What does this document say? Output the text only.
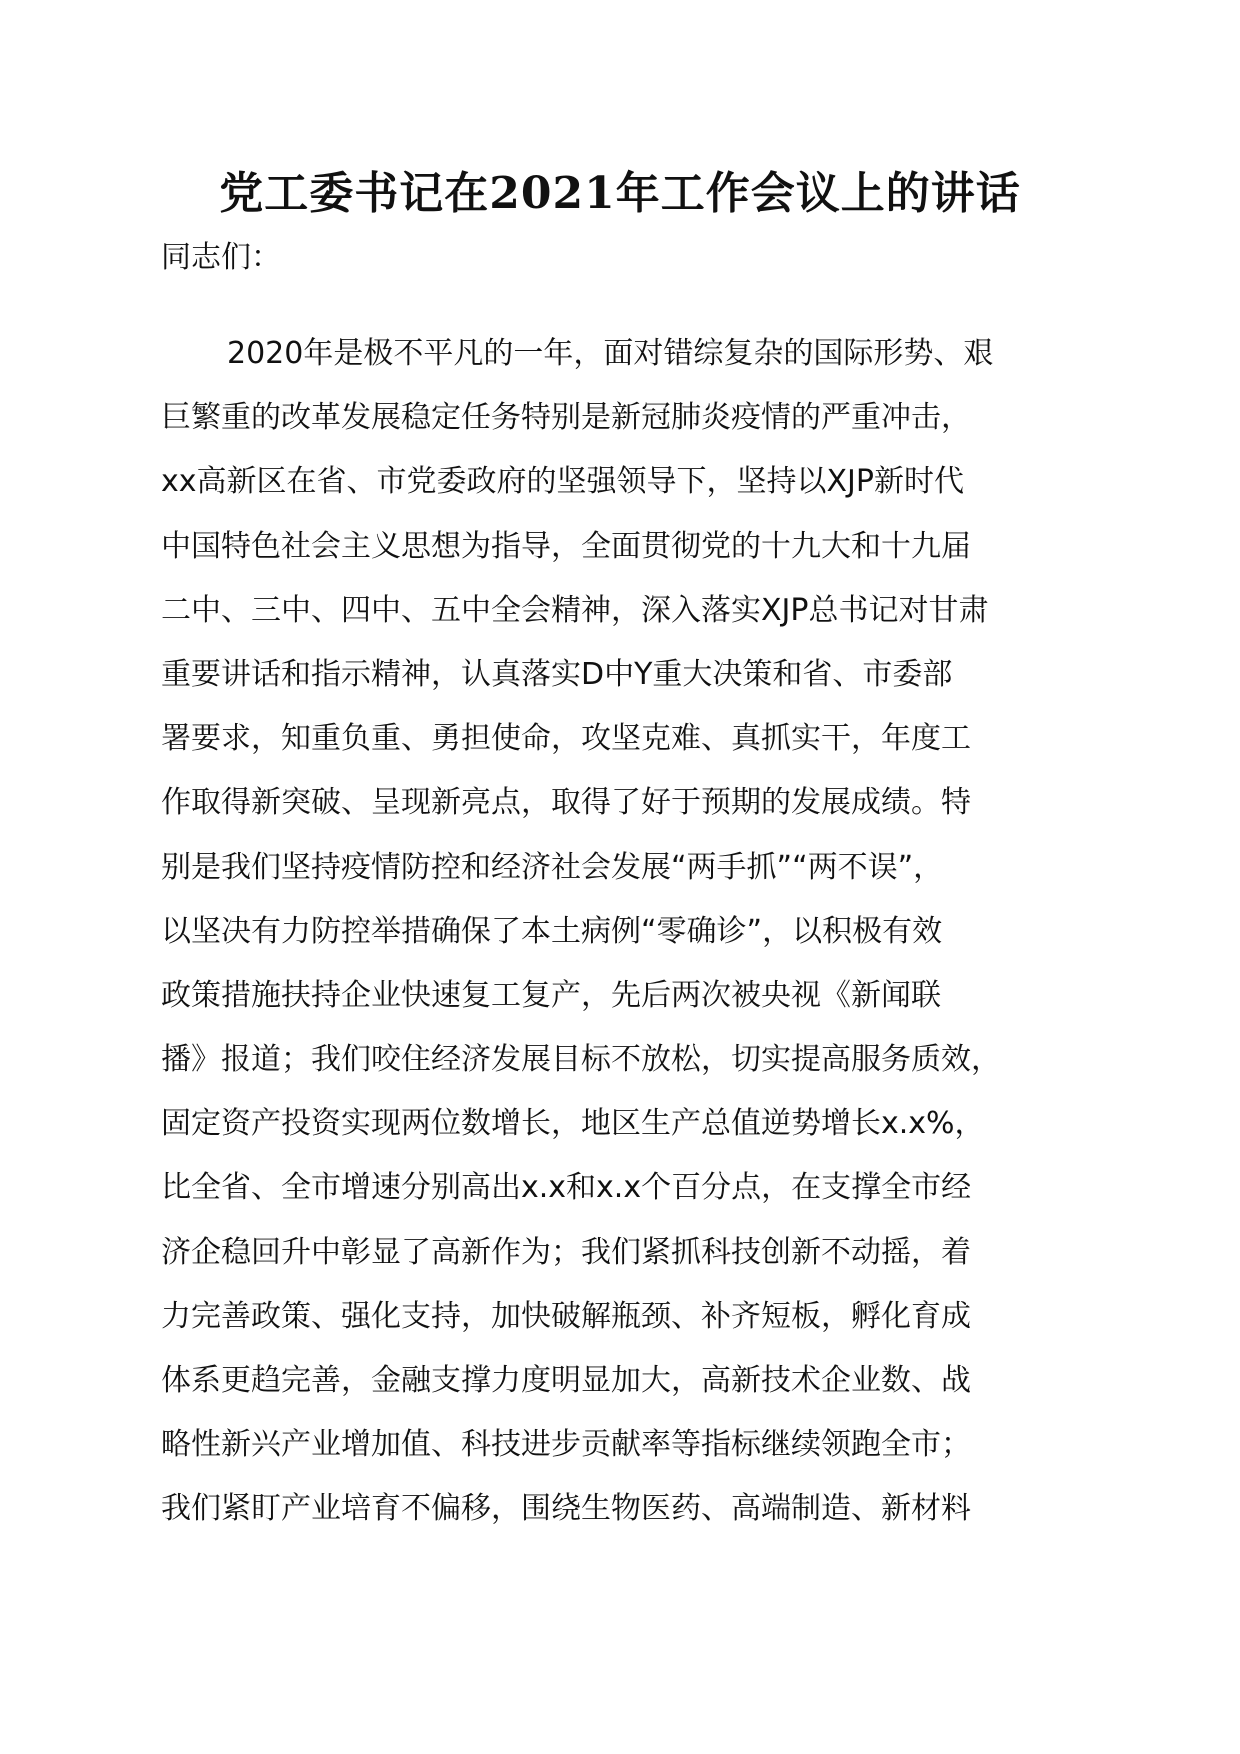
党工委书记在2021年工作会议上的讲话

同志们：

2020年是极不平凡的一年，面对错综复杂的国际形势、艰
巨繁重的改革发展稳定任务特别是新冠肺炎疫情的严重冲击，
xx高新区在省、市党委政府的坚强领导下，坚持以XJP新时代
中国特色社会主义思想为指导，全面贯彻党的十九大和十九届
二中、三中、四中、五中全会精神，深入落实XJP总书记对甘肃
重要讲话和指示精神，认真落实D中Y重大决策和省、市委部
署要求，知重负重、勇担使命，攻坚克难、真抓实干，年度工
作取得新突破、呈现新亮点，取得了好于预期的发展成绩。特
别是我们坚持疫情防控和经济社会发展“两手抓”“两不误”，
以坚决有力防控举措确保了本土病例“零确诊”，以积极有效
政策措施扶持企业快速复工复产，先后两次被央视《新闻联
播》报道；我们咬住经济发展目标不放松，切实提高服务质效，
固定资产投资实现两位数增长，地区生产总值逆势增长x.x%，
比全省、全市增速分别高出x.x和x.x个百分点，在支撑全市经
济企稳回升中彰显了高新作为；我们紧抓科技创新不动摇，着
力完善政策、强化支持，加快破解瓶颈、补齐短板，孵化育成
体系更趋完善，金融支撑力度明显加大，高新技术企业数、战
略性新兴产业增加值、科技进步贡献率等指标继续领跑全市；
我们紧盯产业培育不偏移，围绕生物医药、高端制造、新材料
